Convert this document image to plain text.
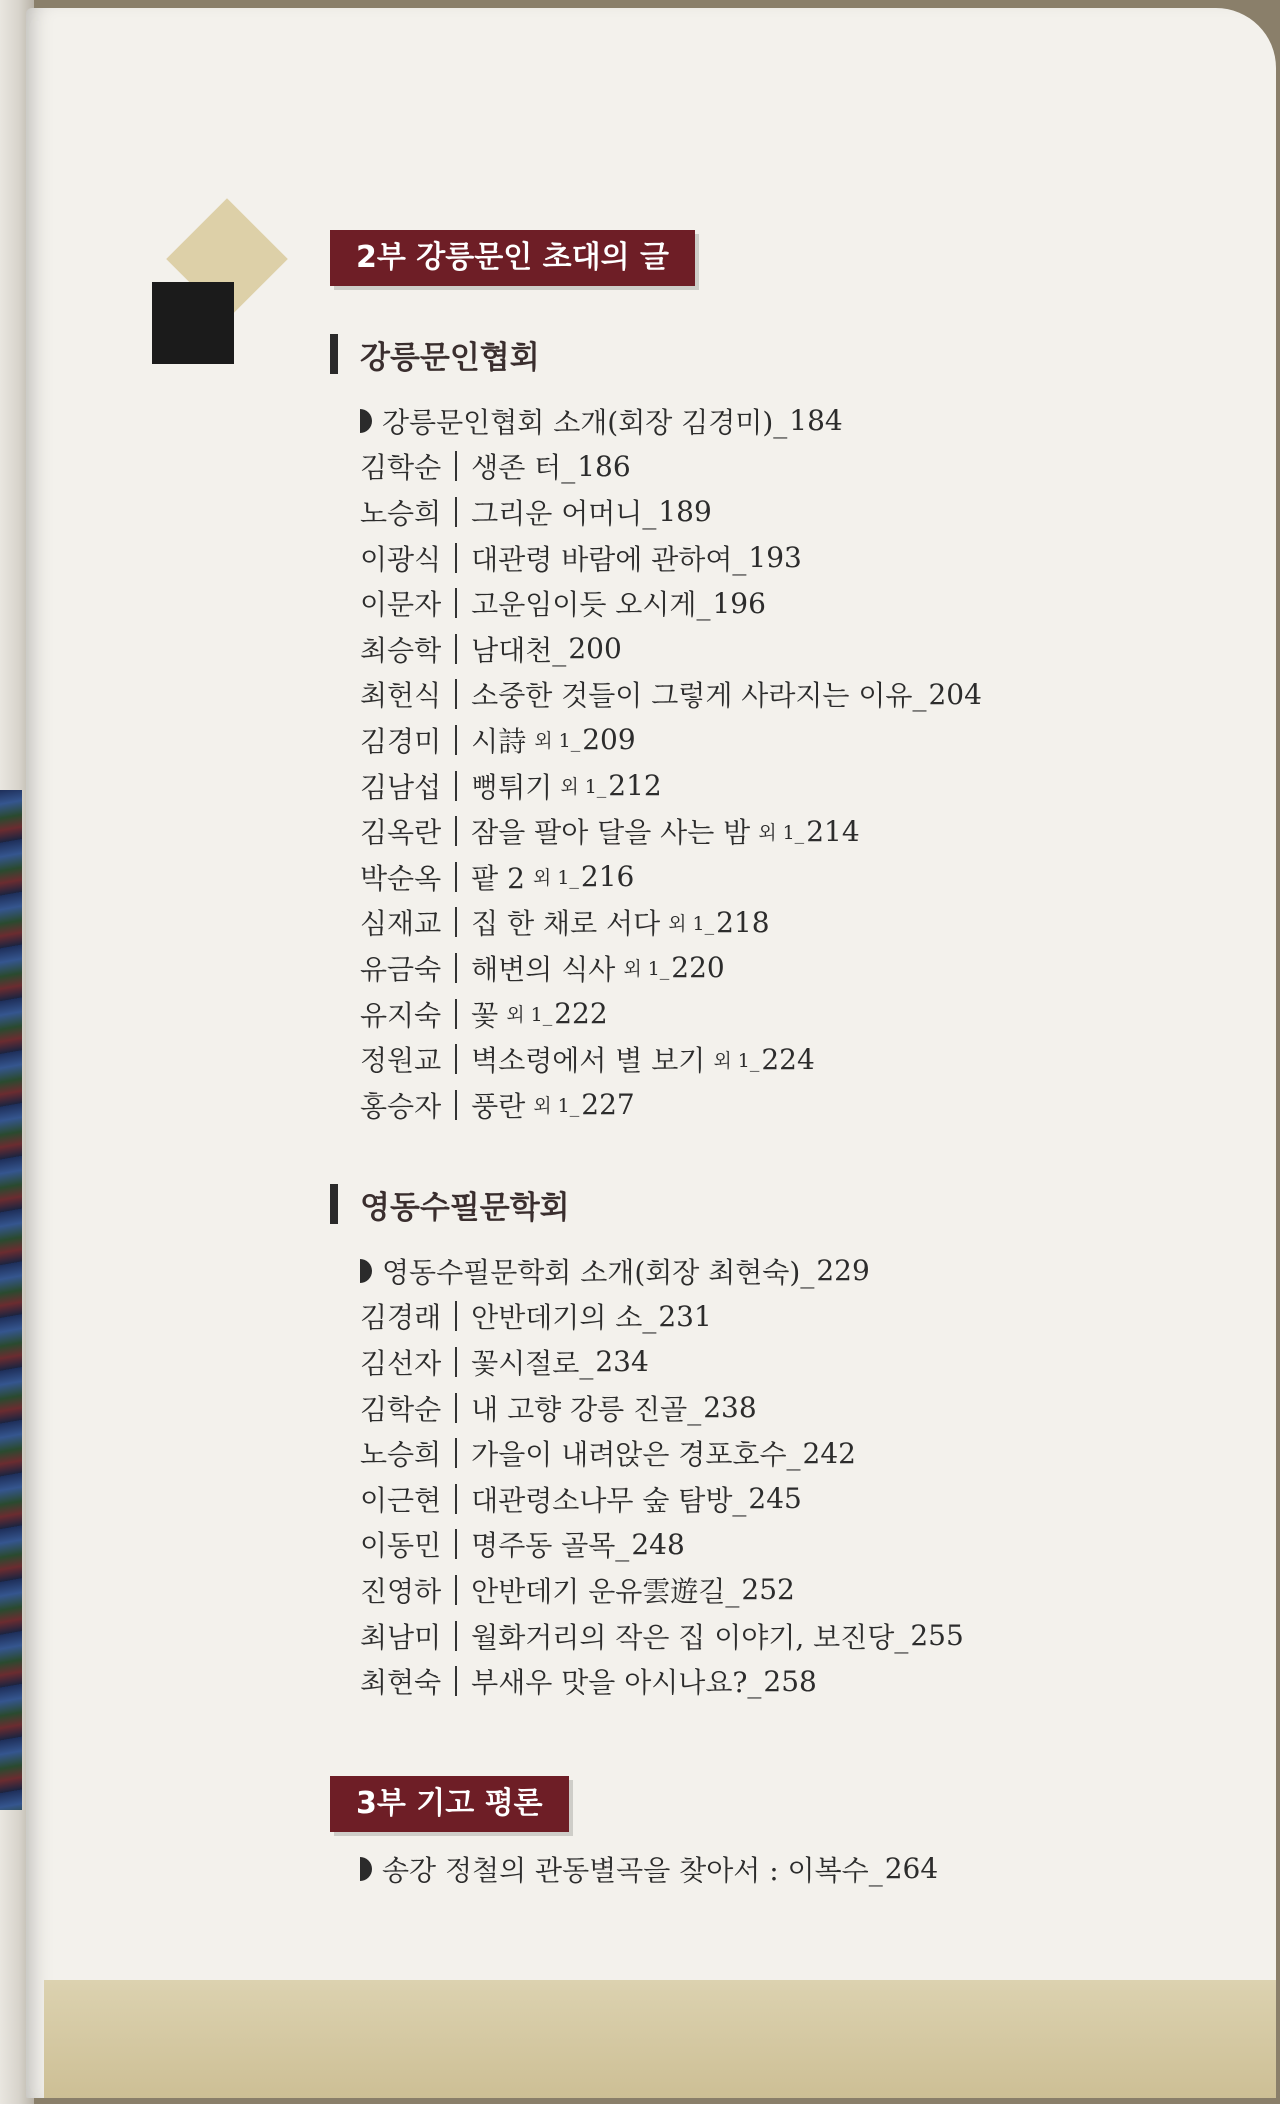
2부 강릉문인 초대의 글
강릉문인협회
강릉문인협회 소개(회장 김경미)_ 184
김학순 생존 터_ 186
노승희 그리운 어머니_ 189
이광식 대관령 바람에 관하여_ 193
이문자 고운임이듯 오시게_ 196
최승학 남대천_ 200
최헌식 소중한 것들이 그렇게 사라지는 이유_ 204
김경미 시詩 외 1_ 209
김남섭 뻥튀기 외 1_ 212
김옥란 잠을 팔아 달을 사는 밤 외 1_ 214
박순옥 팥 2 외 1_ 216
심재교 집 한 채로 서다 외 1_ 218
유금숙 해변의 식사 외 1_ 220
유지숙 꽃 외 1_ 222
정원교 벽소령에서 별 보기 외 1_ 224
홍승자 풍란 외 1_ 227
영동수필문학회
영동수필문학회 소개(회장 최현숙)_ 229
김경래 안반데기의 소_ 231
김선자 꽃시절로_ 234
김학순 내 고향 강릉 진골_ 238
노승희 가을이 내려앉은 경포호수_ 242
이근현 대관령소나무 숲 탐방_ 245
이동민 명주동 골목_ 248
진영하 안반데기 운유雲遊길_ 252
최남미 월화거리의 작은 집 이야기, 보진당_ 255
최현숙 부새우 맛을 아시나요?_ 258
3부 기고 평론
송강 정철의 관동별곡을 찾아서 : 이복수_ 264
